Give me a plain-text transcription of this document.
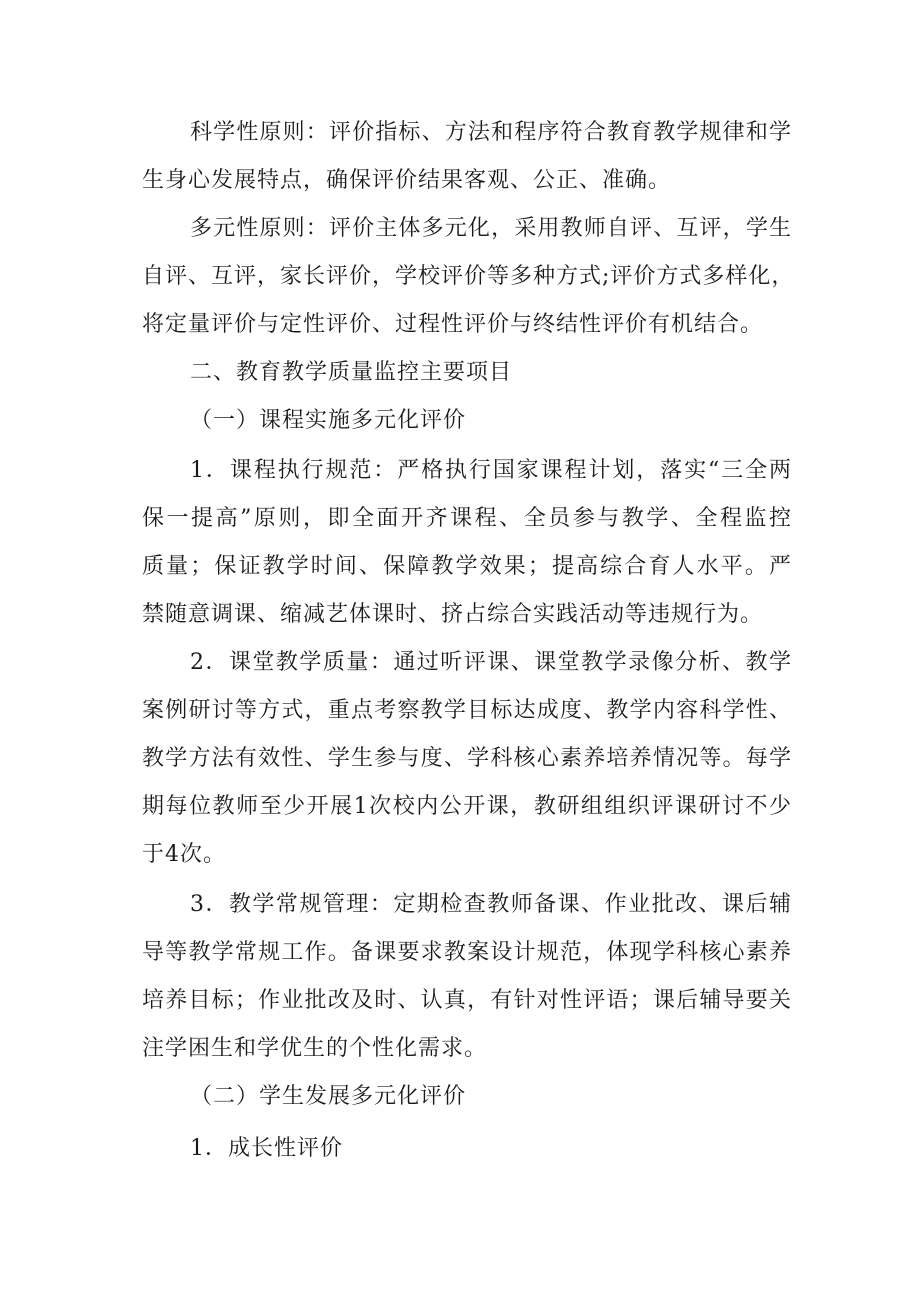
科学性原则：评价指标、方法和程序符合教育教学规律和学
生身心发展特点，确保评价结果客观、公正、准确。
多元性原则：评价主体多元化，采用教师自评、互评，学生
自评、互评，家长评价，学校评价等多种方式;评价方式多样化，
将定量评价与定性评价、过程性评价与终结性评价有机结合。
二、教育教学质量监控主要项目
（一）课程实施多元化评价
1．课程执行规范：严格执行国家课程计划，落实“三全两
保一提高”原则，即全面开齐课程、全员参与教学、全程监控
质量；保证教学时间、保障教学效果；提高综合育人水平。严
禁随意调课、缩减艺体课时、挤占综合实践活动等违规行为。
2．课堂教学质量：通过听评课、课堂教学录像分析、教学
案例研讨等方式，重点考察教学目标达成度、教学内容科学性、
教学方法有效性、学生参与度、学科核心素养培养情况等。每学
期每位教师至少开展1次校内公开课，教研组组织评课研讨不少
于4次。
3．教学常规管理：定期检查教师备课、作业批改、课后辅
导等教学常规工作。备课要求教案设计规范，体现学科核心素养
培养目标；作业批改及时、认真，有针对性评语；课后辅导要关
注学困生和学优生的个性化需求。
（二）学生发展多元化评价
1．成长性评价
